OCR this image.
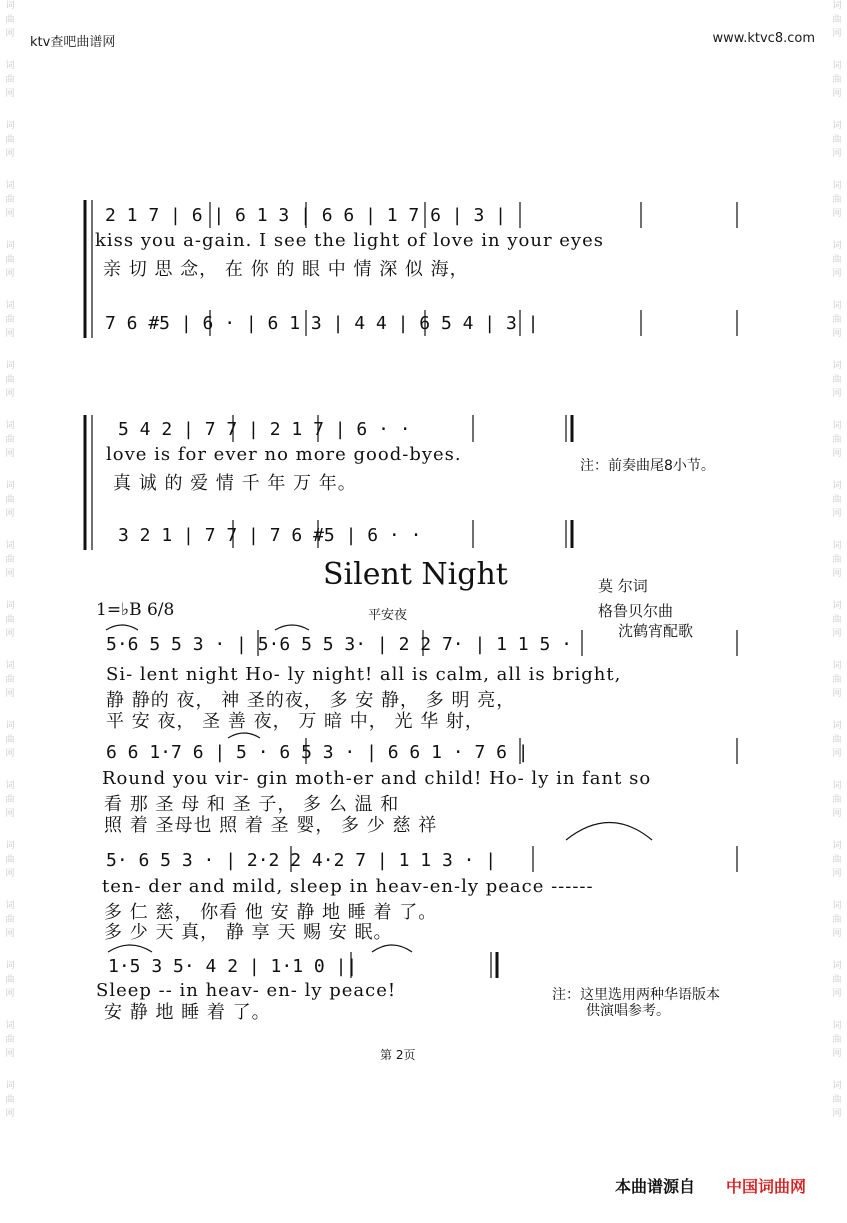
词
曲
网
词
曲
网
词
曲
网
词
曲
网
词
曲
网
词
曲
网
词
曲
网
词
曲
网
词
曲
网
词
曲
网
词
曲
网
词
曲
网
词
曲
网
词
曲
网
词
曲
网
词
曲
网
词
曲
网
词
曲
网
词
曲
网
词
曲
网
词
曲
网
词
曲
网
词
曲
网
词
曲
网
词
曲
网
词
曲
网
词
曲
网
词
曲
网
词
曲
网
词
曲
网
词
曲
网
词
曲
网
词
曲
网
词
曲
网
词
曲
网
词
曲
网
词
曲
网
词
曲
网
ktv查吧曲谱网	www.ktvc8.com
2 1 7 | 6 | 6 1 3 | 6 6 | 1 7 6 | 3 |
kiss you a-gain. I see the light of love in your eyes
亲 切 思 念， 在 你 的 眼 中 情 深 似 海，
7 6 #5 | 6 · | 6 1 3 | 4 4 | 6 5 4 | 3 |
5 4 2 | 7 7 | 2 1 7 | 6 · ·
love is for ever no more good-byes.
真 诚 的 爱 情 千 年 万 年。
3 2 1 | 7 7 | 7 6 #5 | 6 · ·
注：前奏曲尾8小节。
Silent Night
1=♭B 6/8	平安夜
莫 尔词
格鲁贝尔曲
沈鹤宵配歌
5·6 5 5 3 · | 5·6 5 5 3· | 2 2 7· | 1 1 5 ·
Si- lent night Ho- ly night! all is calm, all is bright,
静 静的 夜， 神 圣的夜， 多 安 静， 多 明 亮，
平 安 夜， 圣 善 夜， 万 暗 中， 光 华 射，
6 6 1·7 6 | 5 · 6 5 3 · | 6 6 1 · 7 6 |
Round you vir- gin moth-er and child! Ho- ly in fant so
看 那 圣 母 和 圣 子， 多 么 温 和
照 着 圣母也 照 着 圣 婴， 多 少 慈 祥
5· 6 5 3 · | 2·2 2 4·2 7 | 1 1 3 · |
ten- der and mild, sleep in heav-en-ly peace ------
多 仁 慈， 你看 他 安 静 地 睡 着 了。
多 少 天 真， 静 享 天 赐 安 眠。
1·5 3 5· 4 2 | 1·1 0 ||
Sleep -- in heav- en- ly peace!
安 静 地 睡 着 了。
注：这里选用两种华语版本
供演唱参考。
第 2页
本曲谱源自 中国词曲网
